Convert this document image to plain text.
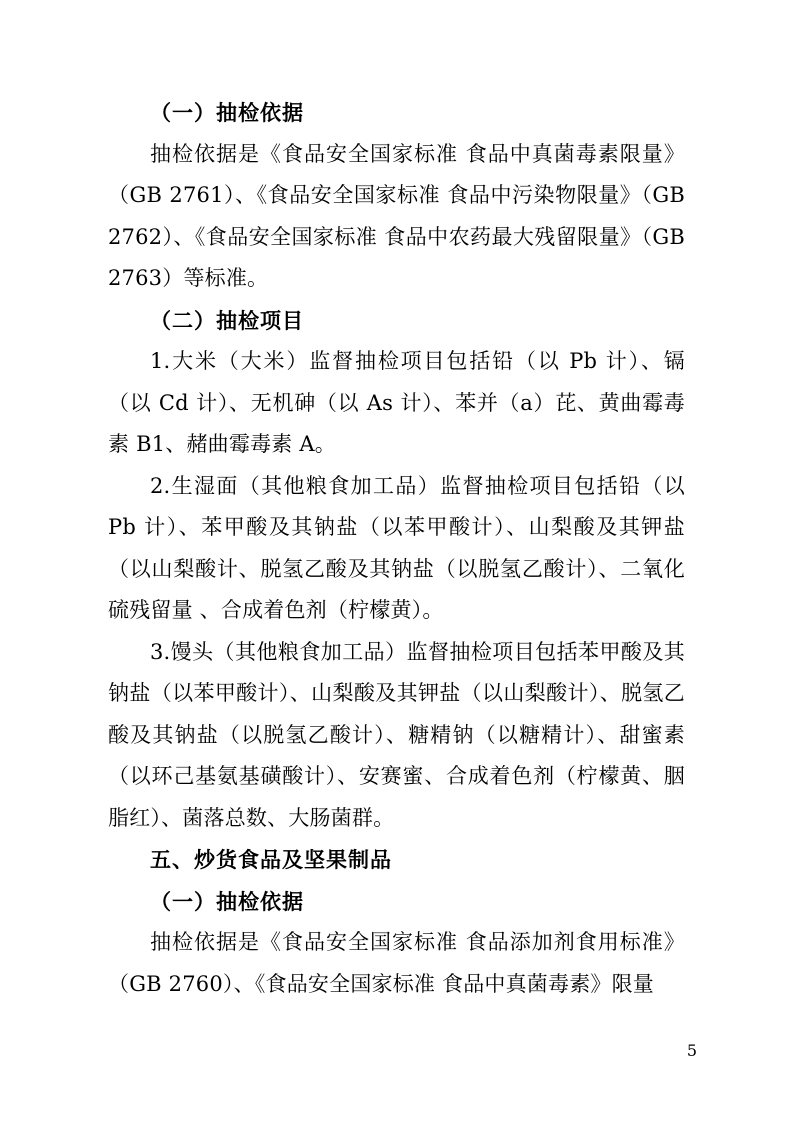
（一）抽检依据

抽检依据是《食品安全国家标准 食品中真菌毒素限量》（GB 2761）、《食品安全国家标准 食品中污染物限量》（GB 2762）、《食品安全国家标准 食品中农药最大残留限量》（GB 2763）等标准。

（二）抽检项目

1.大米（大米）监督抽检项目包括铅（以 Pb 计）、镉（以 Cd 计）、无机砷（以 As 计）、苯并（a）芘、黄曲霉毒素 B1、赭曲霉毒素 A。

2.生湿面（其他粮食加工品）监督抽检项目包括铅（以 Pb 计）、苯甲酸及其钠盐（以苯甲酸计）、山梨酸及其钾盐 （以山梨酸计、脱氢乙酸及其钠盐（以脱氢乙酸计）、二氧化硫残留量 、合成着色剂（柠檬黄）。

3.馒头（其他粮食加工品）监督抽检项目包括苯甲酸及其钠盐（以苯甲酸计）、山梨酸及其钾盐（以山梨酸计）、脱氢乙酸及其钠盐（以脱氢乙酸计）、糖精钠（以糖精计）、甜蜜素（以环己基氨基磺酸计）、安赛蜜、合成着色剂（柠檬黄、胭脂红）、菌落总数、大肠菌群。

五、炒货食品及坚果制品

（一）抽检依据

抽检依据是《食品安全国家标准 食品添加剂食用标准》（GB 2760）、《食品安全国家标准 食品中真菌毒素》限量

5
